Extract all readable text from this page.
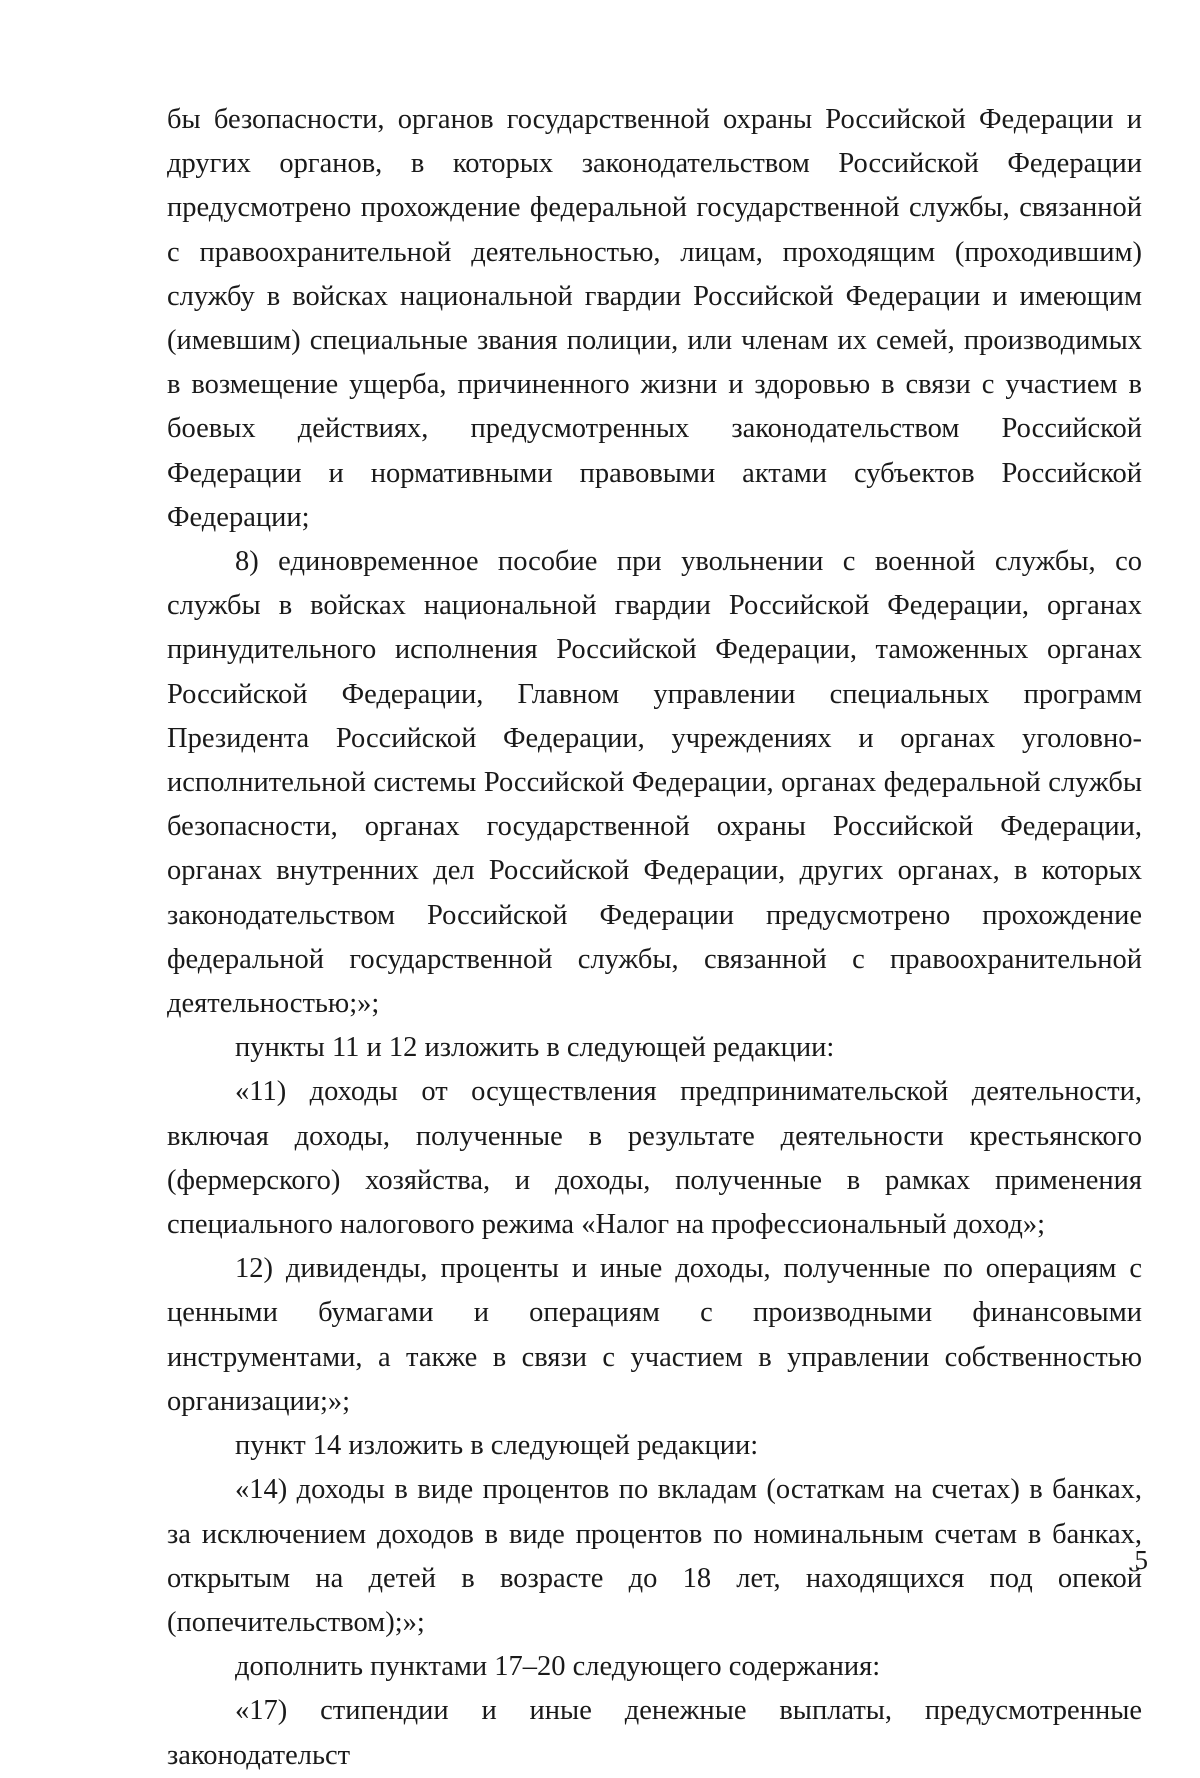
бы безопасности, органов государственной охраны Российской Федерации и других органов, в которых законодательством Российской Федерации предусмотрено прохождение федеральной государственной службы, связанной с правоохранительной деятельностью, лицам, проходящим (проходившим) службу в войсках национальной гвардии Российской Федерации и имеющим (имевшим) специальные звания полиции, или членам их семей, производимых в возмещение ущерба, причиненного жизни и здоровью в связи с участием в боевых действиях, предусмотренных законодательством Российской Федерации и нормативными правовыми актами субъектов Российской Федерации;

8) единовременное пособие при увольнении с военной службы, со службы в войсках национальной гвардии Российской Федерации, органах принудительного исполнения Российской Федерации, таможенных органах Российской Федерации, Главном управлении специальных программ Президента Российской Федерации, учреждениях и органах уголовно-исполнительной системы Российской Федерации, органах федеральной службы безопасности, органах государственной охраны Российской Федерации, органах внутренних дел Российской Федерации, других органах, в которых законодательством Российской Федерации предусмотрено прохождение федеральной государственной службы, связанной с правоохранительной деятельностью;»;

пункты 11 и 12 изложить в следующей редакции:

«11) доходы от осуществления предпринимательской деятельности, включая доходы, полученные в результате деятельности крестьянского (фермерского) хозяйства, и доходы, полученные в рамках применения специального налогового режима «Налог на профессиональный доход»;

12) дивиденды, проценты и иные доходы, полученные по операциям с ценными бумагами и операциям с производными финансовыми инструментами, а также в связи с участием в управлении собственностью организации;»;

пункт 14 изложить в следующей редакции:

«14) доходы в виде процентов по вкладам (остаткам на счетах) в банках, за исключением доходов в виде процентов по номинальным счетам в банках, открытым на детей в возрасте до 18 лет, находящихся под опекой (попечительством);»;

дополнить пунктами 17–20 следующего содержания:

«17) стипендии и иные денежные выплаты, предусмотренные законодательст

5
